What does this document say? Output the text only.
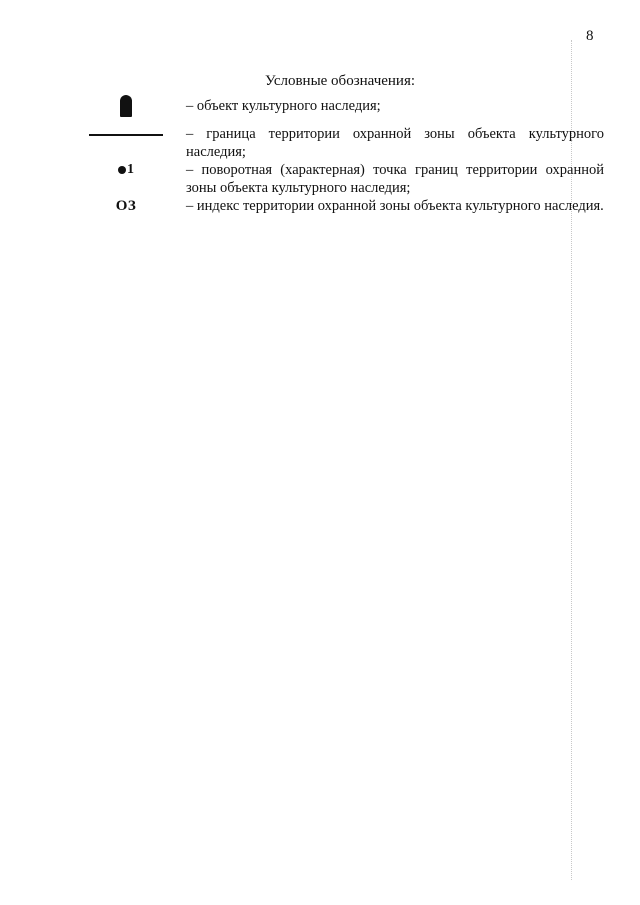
8
Условные обозначения:
– объект культурного наследия;
– граница территории охранной зоны объекта культурного наследия;
1	– поворотная (характерная) точка границ территории охранной зоны объекта культурного наследия;
ОЗ	– индекс территории охранной зоны объекта культурного наследия.
